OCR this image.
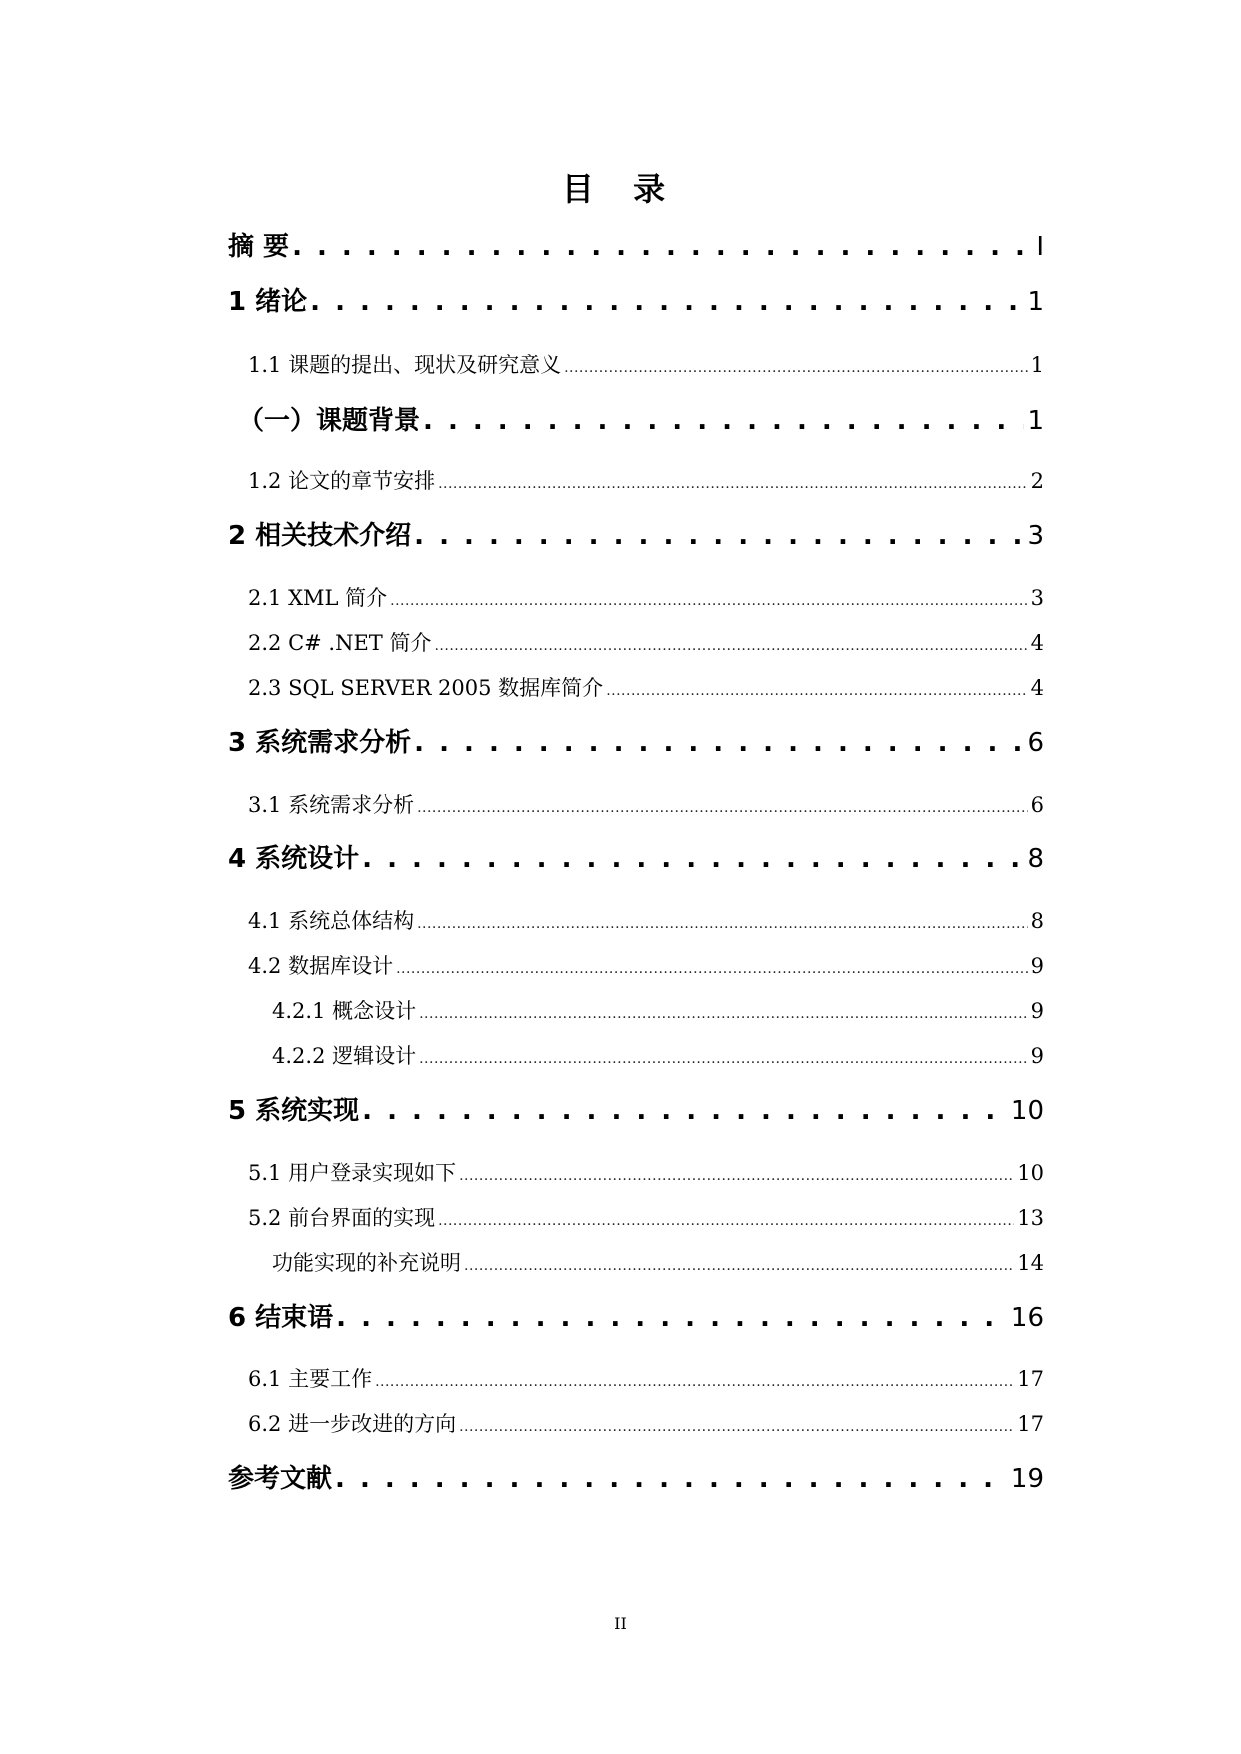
目 录
摘 要 . . .	I
1 绪论 . . .	1
1.1 课题的提出、现状及研究意义 .....	1
（一）课题背景 . . .	1
1.2 论文的章节安排 .....	2
2 相关技术介绍 . . .	3
2.1 XML 简介 .....	3
2.2 C# .NET 简介 .....	4
2.3 SQL SERVER 2005 数据库简介 .....	4
3 系统需求分析 . . .	6
3.1 系统需求分析 .....	6
4 系统设计 . . .	8
4.1 系统总体结构 .....	8
4.2 数据库设计 .....	9
4.2.1 概念设计 .....	9
4.2.2 逻辑设计 .....	9
5 系统实现 . . .	10
5.1 用户登录实现如下 .....	10
5.2 前台界面的实现 .....	13
功能实现的补充说明 .....	14
6 结束语 . . .	16
6.1 主要工作 .....	17
6.2 进一步改进的方向 .....	17
参考文献 . . .	19
II
